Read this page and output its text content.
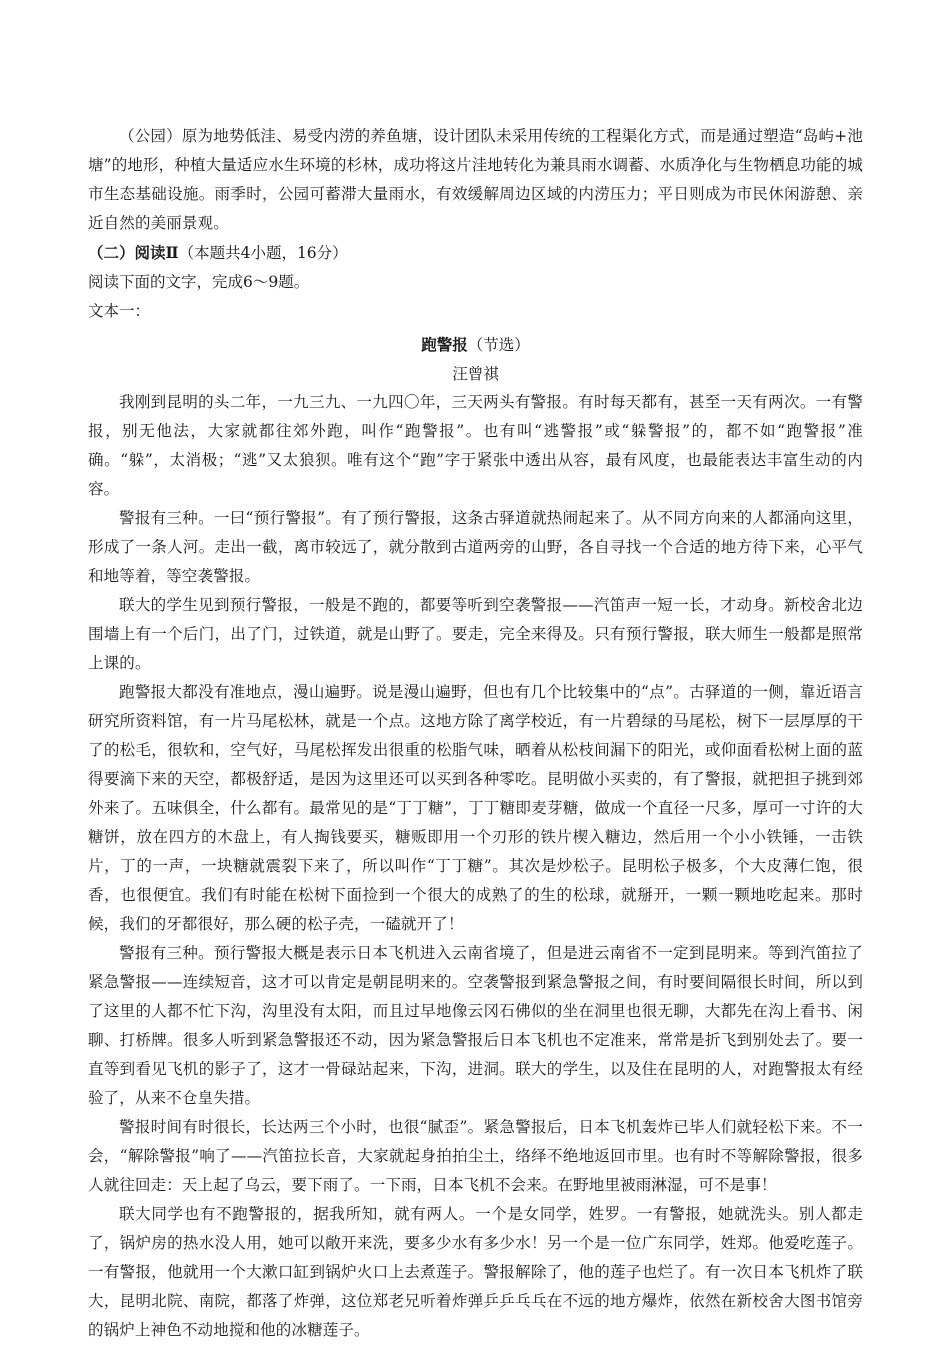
（公园）原为地势低洼、易受内涝的养鱼塘，设计团队未采用传统的工程渠化方式，而是通过塑造“岛屿+池塘”的地形，种植大量适应水生环境的杉林，成功将这片洼地转化为兼具雨水调蓄、水质净化与生物栖息功能的城市生态基础设施。雨季时，公园可蓄滞大量雨水，有效缓解周边区域的内涝压力；平日则成为市民休闲游憩、亲近自然的美丽景观。

（二）阅读Ⅱ（本题共4小题，16分）

阅读下面的文字，完成6～9题。

文本一：

跑警报（节选）

汪曾祺

我刚到昆明的头二年，一九三九、一九四〇年，三天两头有警报。有时每天都有，甚至一天有两次。一有警报，别无他法，大家就都往郊外跑，叫作“跑警报”。也有叫“逃警报”或“躲警报”的，都不如“跑警报”准确。“躲”，太消极；“逃”又太狼狈。唯有这个“跑”字于紧张中透出从容，最有风度，也最能表达丰富生动的内容。

警报有三种。一曰“预行警报”。有了预行警报，这条古驿道就热闹起来了。从不同方向来的人都涌向这里，形成了一条人河。走出一截，离市较远了，就分散到古道两旁的山野，各自寻找一个合适的地方待下来，心平气和地等着，等空袭警报。

联大的学生见到预行警报，一般是不跑的，都要等听到空袭警报——汽笛声一短一长，才动身。新校舍北边围墙上有一个后门，出了门，过铁道，就是山野了。要走，完全来得及。只有预行警报，联大师生一般都是照常上课的。

跑警报大都没有准地点，漫山遍野。说是漫山遍野，但也有几个比较集中的“点”。古驿道的一侧，靠近语言研究所资料馆，有一片马尾松林，就是一个点。这地方除了离学校近，有一片碧绿的马尾松，树下一层厚厚的干了的松毛，很软和，空气好，马尾松挥发出很重的松脂气味，晒着从松枝间漏下的阳光，或仰面看松树上面的蓝得要滴下来的天空，都极舒适，是因为这里还可以买到各种零吃。昆明做小买卖的，有了警报，就把担子挑到郊外来了。五味俱全，什么都有。最常见的是“丁丁糖”，丁丁糖即麦芽糖，做成一个直径一尺多，厚可一寸许的大糖饼，放在四方的木盘上，有人掏钱要买，糖贩即用一个刃形的铁片楔入糖边，然后用一个小小铁锤，一击铁片，丁的一声，一块糖就震裂下来了，所以叫作“丁丁糖”。其次是炒松子。昆明松子极多，个大皮薄仁饱，很香，也很便宜。我们有时能在松树下面捡到一个很大的成熟了的生的松球，就掰开，一颗一颗地吃起来。那时候，我们的牙都很好，那么硬的松子壳，一磕就开了！

警报有三种。预行警报大概是表示日本飞机进入云南省境了，但是进云南省不一定到昆明来。等到汽笛拉了紧急警报——连续短音，这才可以肯定是朝昆明来的。空袭警报到紧急警报之间，有时要间隔很长时间，所以到了这里的人都不忙下沟，沟里没有太阳，而且过早地像云冈石佛似的坐在洞里也很无聊，大都先在沟上看书、闲聊、打桥牌。很多人听到紧急警报还不动，因为紧急警报后日本飞机也不定准来，常常是折飞到别处去了。要一直等到看见飞机的影子了，这才一骨碌站起来，下沟，进洞。联大的学生，以及住在昆明的人，对跑警报太有经验了，从来不仓皇失措。

警报时间有时很长，长达两三个小时，也很“腻歪”。紧急警报后，日本飞机轰炸已毕人们就轻松下来。不一会，“解除警报”响了——汽笛拉长音，大家就起身拍拍尘土，络绎不绝地返回市里。也有时不等解除警报，很多人就往回走：天上起了乌云，要下雨了。一下雨，日本飞机不会来。在野地里被雨淋湿，可不是事！

联大同学也有不跑警报的，据我所知，就有两人。一个是女同学，姓罗。一有警报，她就洗头。别人都走了，锅炉房的热水没人用，她可以敞开来洗，要多少水有多少水！另一个是一位广东同学，姓郑。他爱吃莲子。一有警报，他就用一个大漱口缸到锅炉火口上去煮莲子。警报解除了，他的莲子也烂了。有一次日本飞机炸了联大，昆明北院、南院，都落了炸弹，这位郑老兄听着炸弹乒乒乓乓在不远的地方爆炸，依然在新校舍大图书馆旁的锅炉上神色不动地搅和他的冰糖莲子。
